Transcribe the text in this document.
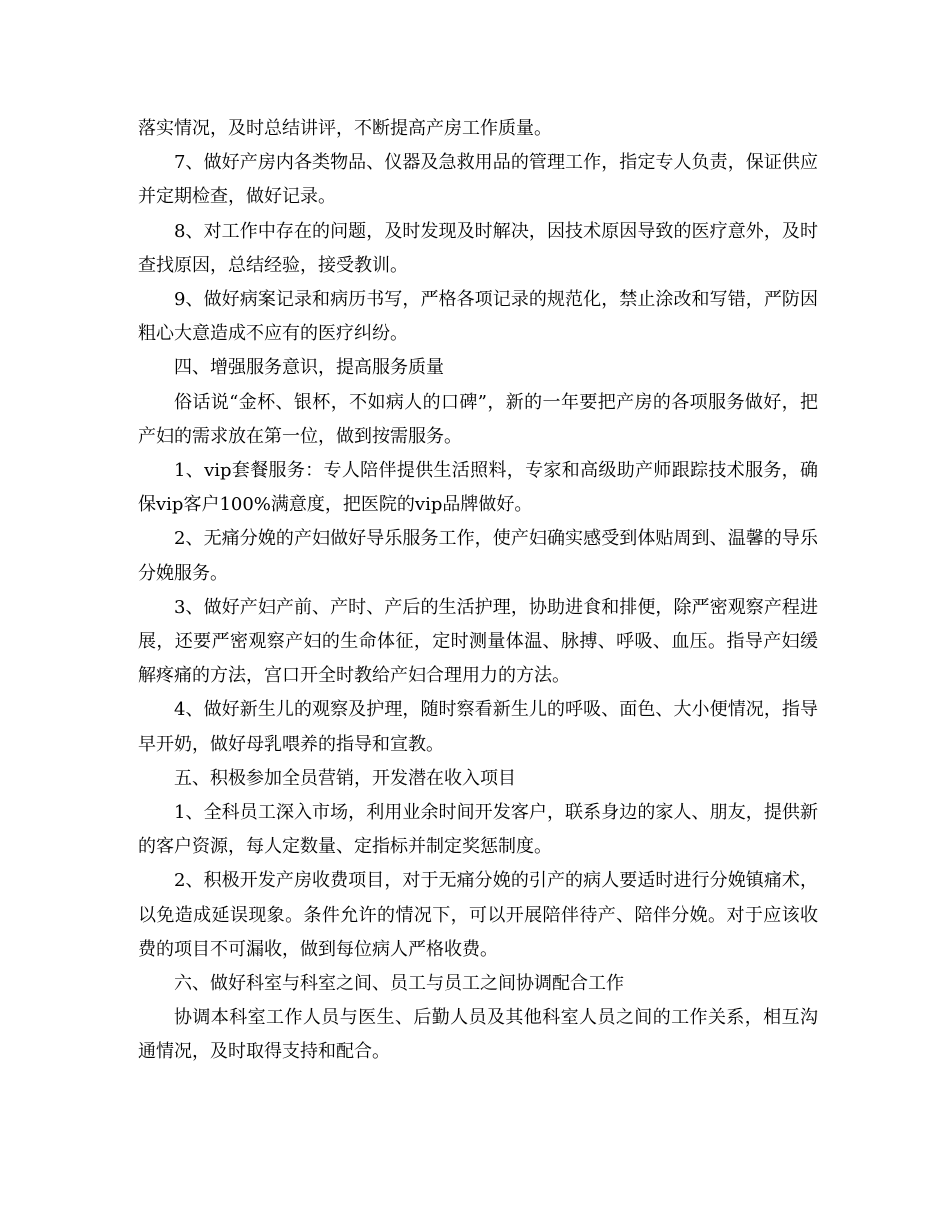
落实情况，及时总结讲评，不断提高产房工作质量。

7、做好产房内各类物品、仪器及急救用品的管理工作，指定专人负责，保证供应并定期检查，做好记录。

8、对工作中存在的问题，及时发现及时解决，因技术原因导致的医疗意外，及时查找原因，总结经验，接受教训。

9、做好病案记录和病历书写，严格各项记录的规范化，禁止涂改和写错，严防因粗心大意造成不应有的医疗纠纷。

四、增强服务意识，提高服务质量

俗话说“金杯、银杯，不如病人的口碑”，新的一年要把产房的各项服务做好，把产妇的需求放在第一位，做到按需服务。

1、vip套餐服务：专人陪伴提供生活照料，专家和高级助产师跟踪技术服务，确保vip客户100%满意度，把医院的vip品牌做好。

2、无痛分娩的产妇做好导乐服务工作，使产妇确实感受到体贴周到、温馨的导乐分娩服务。

3、做好产妇产前、产时、产后的生活护理，协助进食和排便，除严密观察产程进展，还要严密观察产妇的生命体征，定时测量体温、脉搏、呼吸、血压。指导产妇缓解疼痛的方法，宫口开全时教给产妇合理用力的方法。

4、做好新生儿的观察及护理，随时察看新生儿的呼吸、面色、大小便情况，指导早开奶，做好母乳喂养的指导和宣教。

五、积极参加全员营销，开发潜在收入项目

1、全科员工深入市场，利用业余时间开发客户，联系身边的家人、朋友，提供新的客户资源，每人定数量、定指标并制定奖惩制度。

2、积极开发产房收费项目，对于无痛分娩的引产的病人要适时进行分娩镇痛术，以免造成延误现象。条件允许的情况下，可以开展陪伴待产、陪伴分娩。对于应该收费的项目不可漏收，做到每位病人严格收费。

六、做好科室与科室之间、员工与员工之间协调配合工作

协调本科室工作人员与医生、后勤人员及其他科室人员之间的工作关系，相互沟通情况，及时取得支持和配合。
